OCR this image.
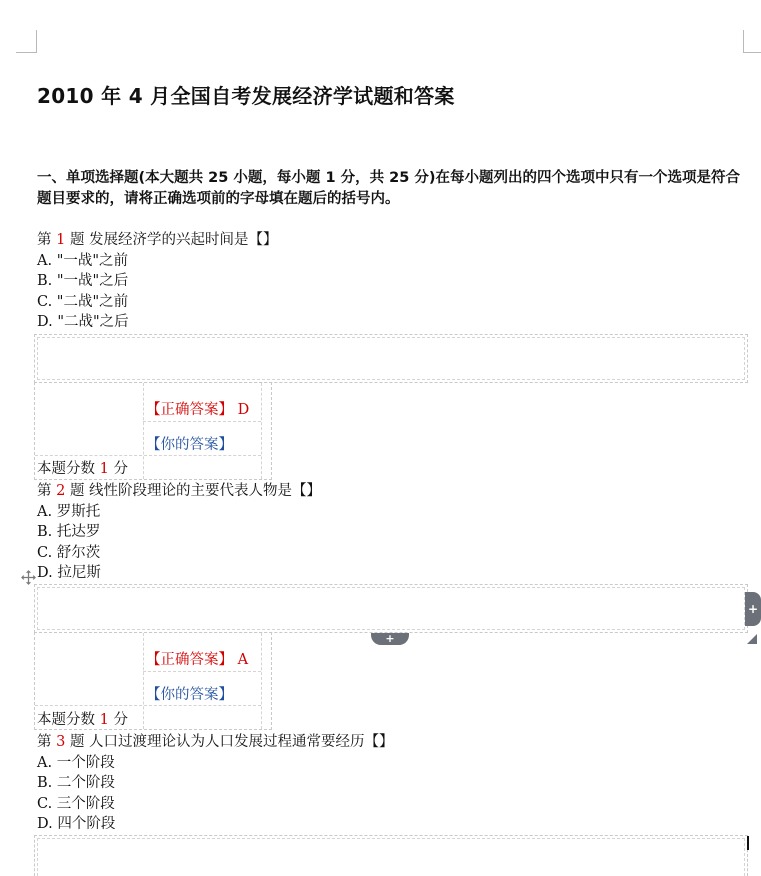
2010 年 4 月全国自考发展经济学试题和答案

一、单项选择题(本大题共 25 小题，每小题 1 分，共 25 分)在每小题列出的四个选项中只有一个选项是符合题目要求的，请将正确选项前的字母填在题后的括号内。

第 1 题 发展经济学的兴起时间是【】
A. "一战"之前
B. "一战"之后
C. "二战"之前
D. "二战"之后
【正确答案】 D
【你的答案】
本题分数 1 分
第 2 题 线性阶段理论的主要代表人物是【】
A. 罗斯托
B. 托达罗
C. 舒尔茨
D. 拉尼斯
+
+
【正确答案】 A
【你的答案】
本题分数 1 分
第 3 题 人口过渡理论认为人口发展过程通常要经历【】
A. 一个阶段
B. 二个阶段
C. 三个阶段
D. 四个阶段
